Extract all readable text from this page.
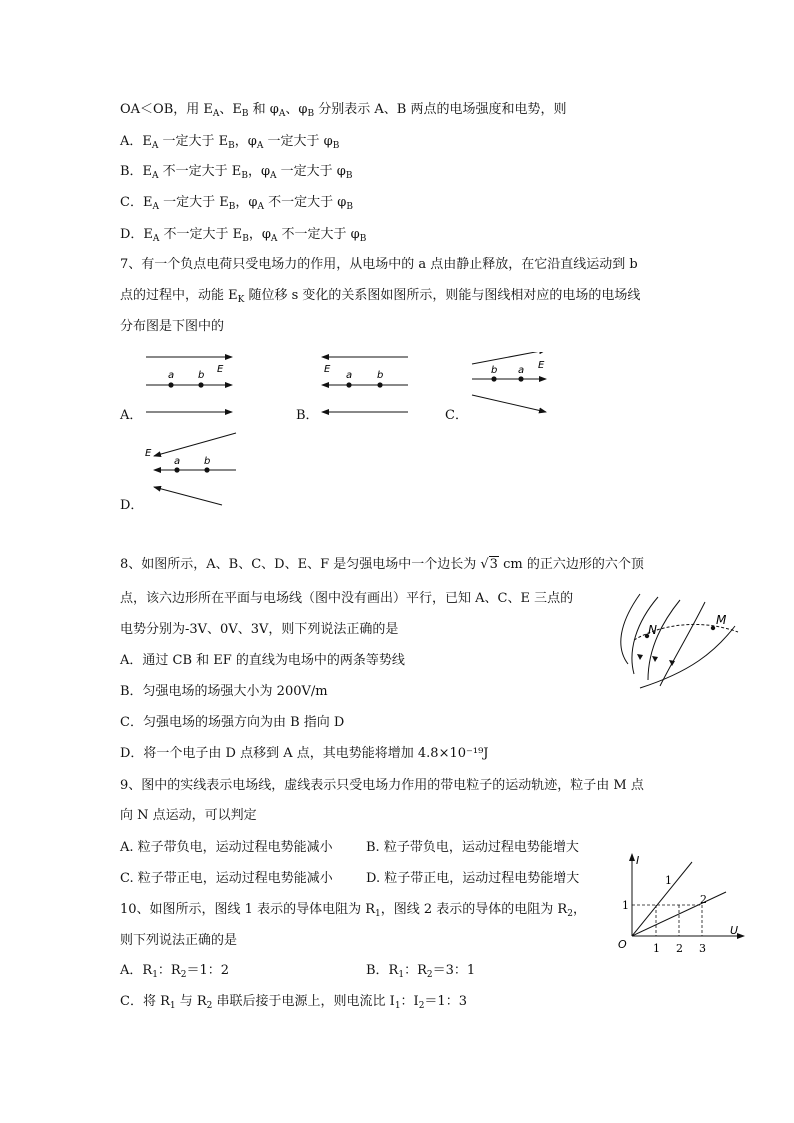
OA＜OB，用 $E_A$、$E_B$ 和 $\varphi_A$、$\varphi_B$ 分别表示 A、B 两点的电场强度和电势，则
A．$E_A$ 一定大于 $E_B$，$\varphi_A$ 一定大于 $\varphi_B$
B．$E_A$ 不一定大于 $E_B$，$\varphi_A$ 一定大于 $\varphi_B$
C．$E_A$ 一定大于 $E_B$，$\varphi_A$ 不一定大于 $\varphi_B$
D．$E_A$ 不一定大于 $E_B$，$\varphi_A$ 不一定大于 $\varphi_B$
7、有一个负点电荷只受电场力的作用，从电场中的 a 点由静止释放，在它沿直线运动到 b
点的过程中，动能 $E_K$ 随位移 s 变化的关系图如图所示，则能与图线相对应的电场的电场线
分布图是下图中的
A．	B．	C．
D．
a b
E
a b
E	b a E
a b
E
8、如图所示，A、B、C、D、E、F 是匀强电场中一个边长为 √3 cm 的正六边形的六个顶
点，该六边形所在平面与电场线（图中没有画出）平行，已知 A、C、E 三点的
电势分别为-3V、0V、3V，则下列说法正确的是
A．通过 CB 和 EF 的直线为电场中的两条等势线
B．匀强电场的场强大小为 200V/m
C．匀强电场的场强方向为由 B 指向 D
D．将一个电子由 D 点移到 A 点，其电势能将增加 4.8×10⁻¹⁹J
N
M
9、图中的实线表示电场线，虚线表示只受电场力作用的带电粒子的运动轨迹，粒子由 M 点
向 N 点运动，可以判定
A. 粒子带负电，运动过程电势能减小	B. 粒子带负电，运动过程电势能增大
C. 粒子带正电，运动过程电势能减小	D. 粒子带正电，运动过程电势能增大
10、如图所示，图线 1 表示的导体电阻为 $R_1$，图线 2 表示的导体的电阻为 $R_2$，
则下列说法正确的是
A．$R_1$：$R_2=1$：2	B．$R_1$：$R_2=3$：1
C．将 $R_1$ 与 $R_2$ 串联后接于电源上，则电流比 $I_1$：$I_2=1$：3
I
U
O
1
2
1
1 2 3
